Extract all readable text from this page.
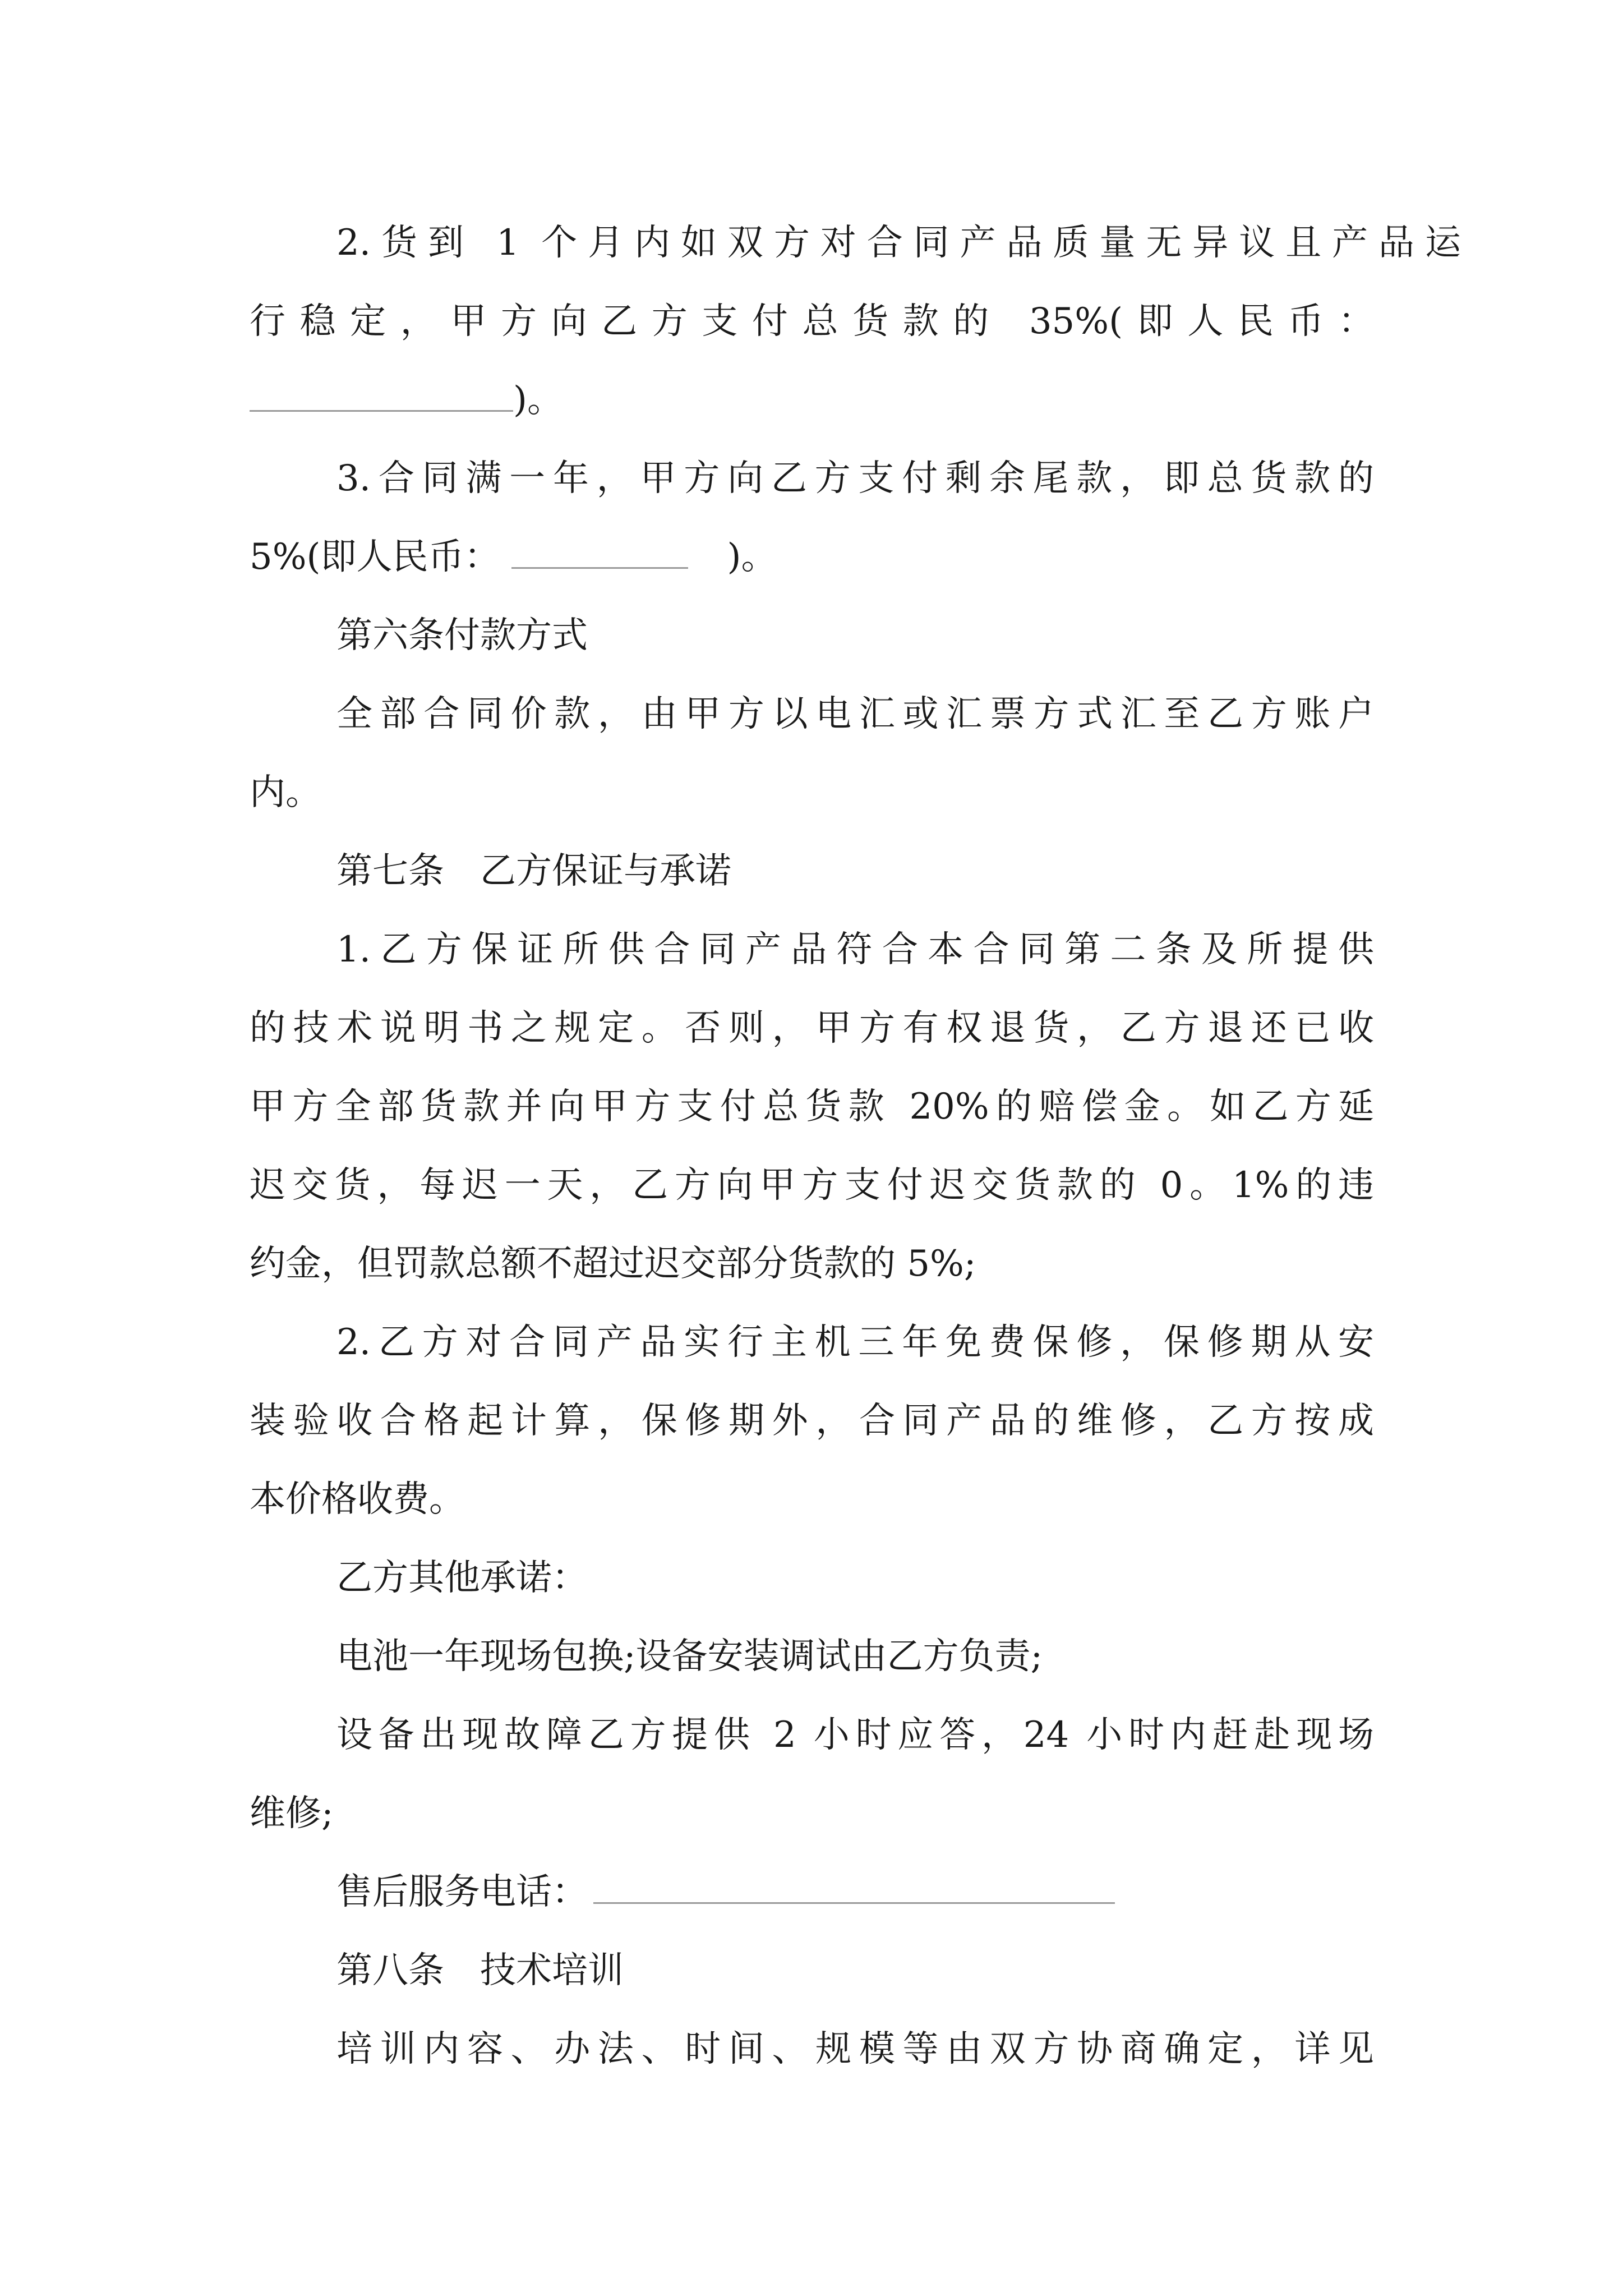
2.货到 1 个月内如双方对合同产品质量无异议且产品运
行稳定，甲方向乙方支付总货款的 35%(即人民币：
)。
3.合同满一年，甲方向乙方支付剩余尾款，即总货款的
5%(即人民币：	)。
第六条付款方式
全部合同价款，由甲方以电汇或汇票方式汇至乙方账户
内。
第七条　乙方保证与承诺
1.乙方保证所供合同产品符合本合同第二条及所提供
的技术说明书之规定。否则，甲方有权退货，乙方退还已收
甲方全部货款并向甲方支付总货款 20%的赔偿金。如乙方延
迟交货，每迟一天，乙方向甲方支付迟交货款的 0。1%的违
约金，但罚款总额不超过迟交部分货款的 5%;
2.乙方对合同产品实行主机三年免费保修，保修期从安
装验收合格起计算，保修期外，合同产品的维修，乙方按成
本价格收费。
乙方其他承诺：
电池一年现场包换;设备安装调试由乙方负责;
设备出现故障乙方提供 2 小时应答，24 小时内赶赴现场
维修;
售后服务电话：
第八条　技术培训
培训内容、办法、时间、规模等由双方协商确定，详见
